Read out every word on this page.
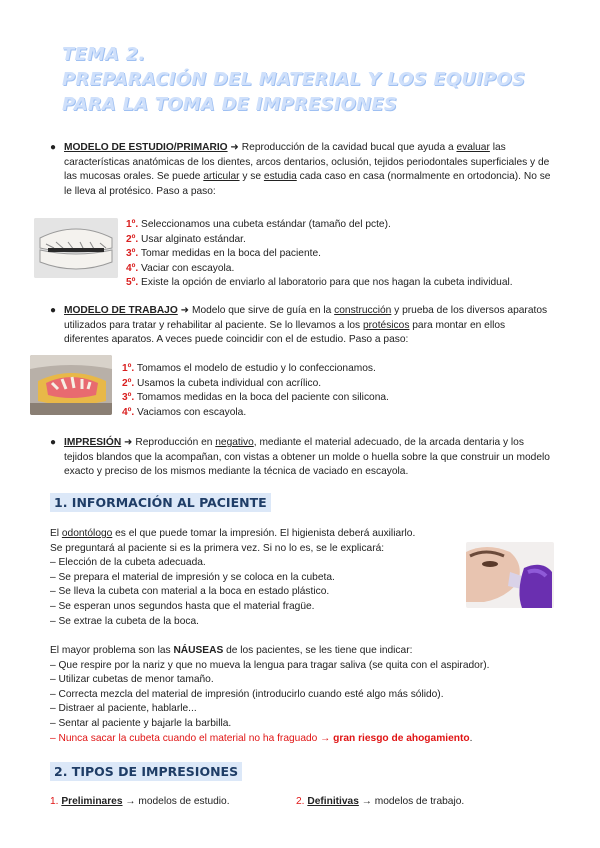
TEMA 2.
PREPARACIÓN DEL MATERIAL Y LOS EQUIPOS
PARA LA TOMA DE IMPRESIONES
● MODELO DE ESTUDIO/PRIMARIO ➜ Reproducción de la cavidad bucal que ayuda a evaluar las características anatómicas de los dientes, arcos dentarios, oclusión, tejidos periodontales superficiales y de las mucosas orales. Se puede articular y se estudia cada caso en casa (normalmente en ortodoncia). No se le lleva al protésico. Paso a paso:
1º. Seleccionamos una cubeta estándar (tamaño del pcte).
2º. Usar alginato estándar.
3º. Tomar medidas en la boca del paciente.
4º. Vaciar con escayola.
5º. Existe la opción de enviarlo al laboratorio para que nos hagan la cubeta individual.
● MODELO DE TRABAJO ➜ Modelo que sirve de guía en la construcción y prueba de los diversos aparatos utilizados para tratar y rehabilitar al paciente. Se lo llevamos a los protésicos para montar en ellos diferentes aparatos. A veces puede coincidir con el de estudio. Paso a paso:
1º. Tomamos el modelo de estudio y lo confeccionamos.
2º. Usamos la cubeta individual con acrílico.
3º. Tomamos medidas en la boca del paciente con silicona.
4º. Vaciamos con escayola.
● IMPRESIÓN ➜ Reproducción en negativo, mediante el material adecuado, de la arcada dentaria y los tejidos blandos que la acompañan, con vistas a obtener un molde o huella sobre la que construir un modelo exacto y preciso de los mismos mediante la técnica de vaciado en escayola.
1. INFORMACIÓN AL PACIENTE
El odontólogo es el que puede tomar la impresión. El higienista deberá auxiliarlo.
Se preguntará al paciente si es la primera vez. Si no lo es, se le explicará:
– Elección de la cubeta adecuada.
– Se prepara el material de impresión y se coloca en la cubeta.
– Se lleva la cubeta con material a la boca en estado plástico.
– Se esperan unos segundos hasta que el material fragüe.
– Se extrae la cubeta de la boca.
El mayor problema son las NÁUSEAS de los pacientes, se les tiene que indicar:
– Que respire por la nariz y que no mueva la lengua para tragar saliva (se quita con el aspirador).
– Utilizar cubetas de menor tamaño.
– Correcta mezcla del material de impresión (introducirlo cuando esté algo más sólido).
– Distraer al paciente, hablarle...
– Sentar al paciente y bajarle la barbilla.
– Nunca sacar la cubeta cuando el material no ha fraguado → gran riesgo de ahogamiento.
2. TIPOS DE IMPRESIONES
1. Preliminares → modelos de estudio.	2. Definitivas → modelos de trabajo.
